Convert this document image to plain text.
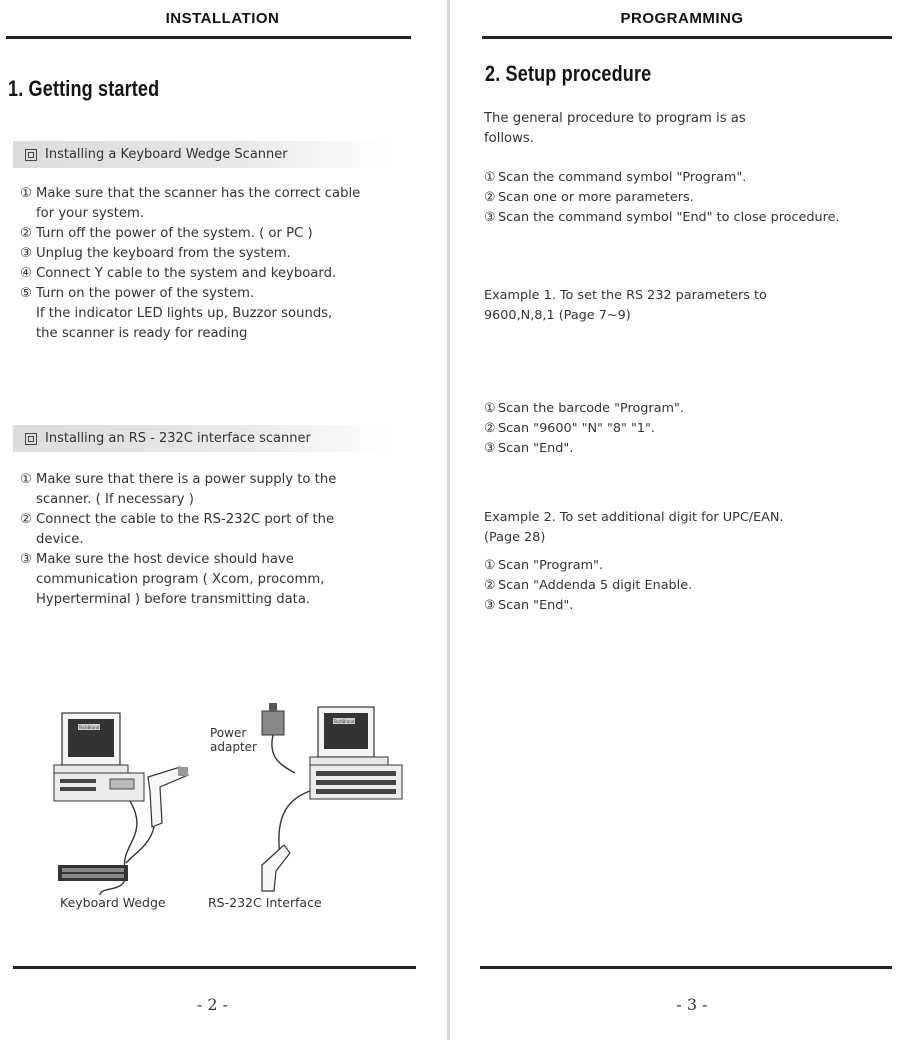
INSTALLATION
1. Getting started
Installing a Keyboard Wedge Scanner
① Make sure that the scanner has the correct cable
for your system.
② Turn off the power of the system. ( or PC )
③ Unplug the keyboard from the system.
④ Connect Y cable to the system and keyboard.
⑤ Turn on the power of the system.
If the indicator LED lights up, Buzzor sounds,
the scanner is ready for reading
Installing an RS - 232C interface scanner
① Make sure that there is a power supply to the
scanner. ( If necessary )
② Connect the cable to the RS-232C port of the
device.
③ Make sure the host device should have
communication program ( Xcom, procomm,
Hyperterminal ) before transmitting data.
TechBrand
Keyboard Wedge
Power
adapter
TechBrand
RS-232C Interface
- 2 -
PROGRAMMING
2. Setup procedure

The general procedure to program is as
follows.

① Scan the command symbol "Program".
② Scan one or more parameters.
③ Scan the command symbol "End" to close procedure.

Example 1. To set the RS 232 parameters to
9600,N,8,1 (Page 7~9)

① Scan the barcode "Program".
② Scan "9600" "N" "8" "1".
③ Scan "End".

Example 2. To set additional digit for UPC/EAN.
(Page 28)

① Scan "Program".
② Scan "Addenda 5 digit Enable.
③ Scan "End".
- 3 -
